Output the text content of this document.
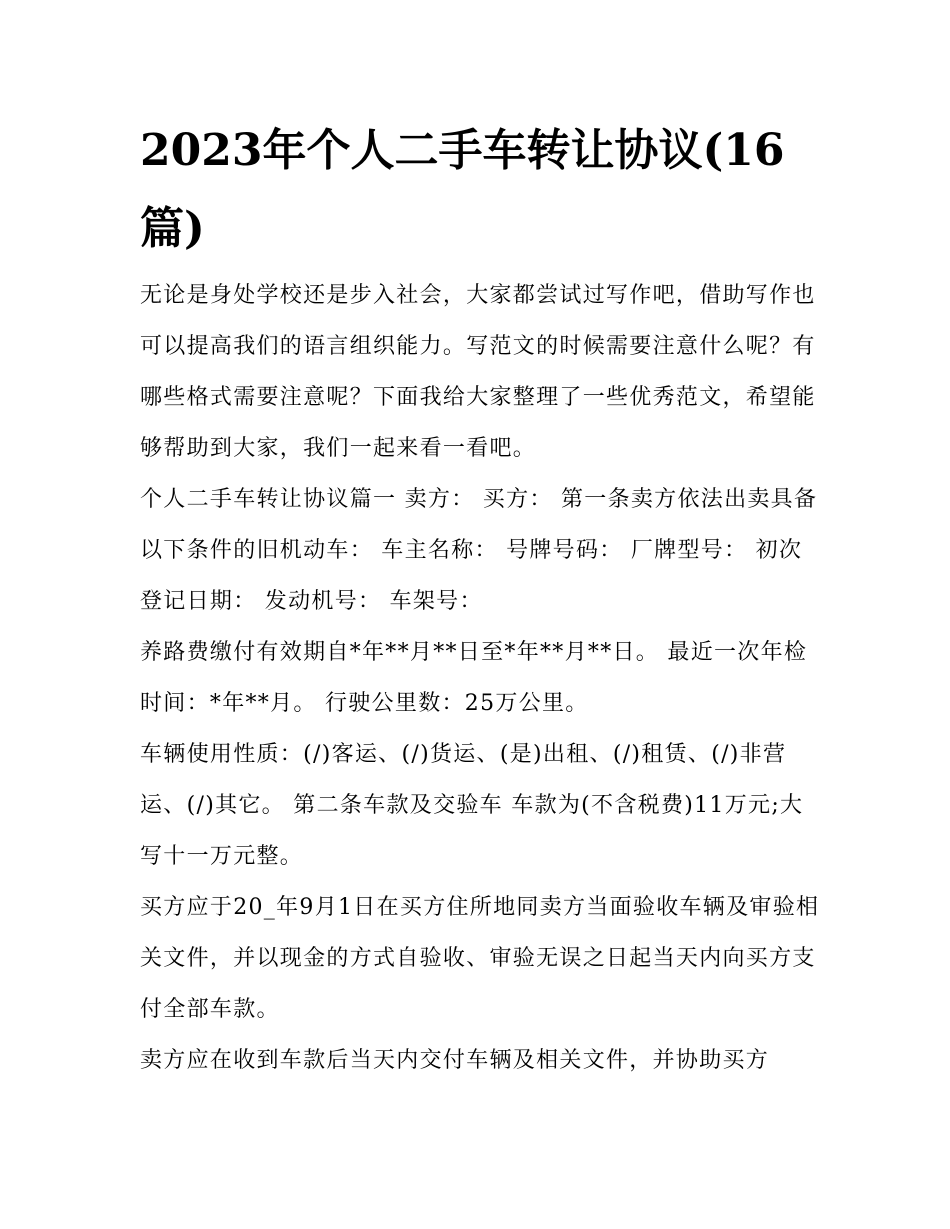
2023年个人二手车转让协议(16篇)

无论是身处学校还是步入社会，大家都尝试过写作吧，借助写作也可以提高我们的语言组织能力。写范文的时候需要注意什么呢？有哪些格式需要注意呢？下面我给大家整理了一些优秀范文，希望能够帮助到大家，我们一起来看一看吧。

个人二手车转让协议篇一 卖方： 买方： 第一条卖方依法出卖具备以下条件的旧机动车： 车主名称： 号牌号码： 厂牌型号： 初次登记日期： 发动机号： 车架号：

养路费缴付有效期自*年**月**日至*年**月**日。 最近一次年检时间：*年**月。 行驶公里数：25万公里。

车辆使用性质：(/)客运、(/)货运、(是)出租、(/)租赁、(/)非营运、(/)其它。 第二条车款及交验车 车款为(不含税费)11万元;大写十一万元整。

买方应于20_年9月1日在买方住所地同卖方当面验收车辆及审验相关文件，并以现金的方式自验收、审验无误之日起当天内向买方支付全部车款。

卖方应在收到车款后当天内交付车辆及相关文件，并协助买方
